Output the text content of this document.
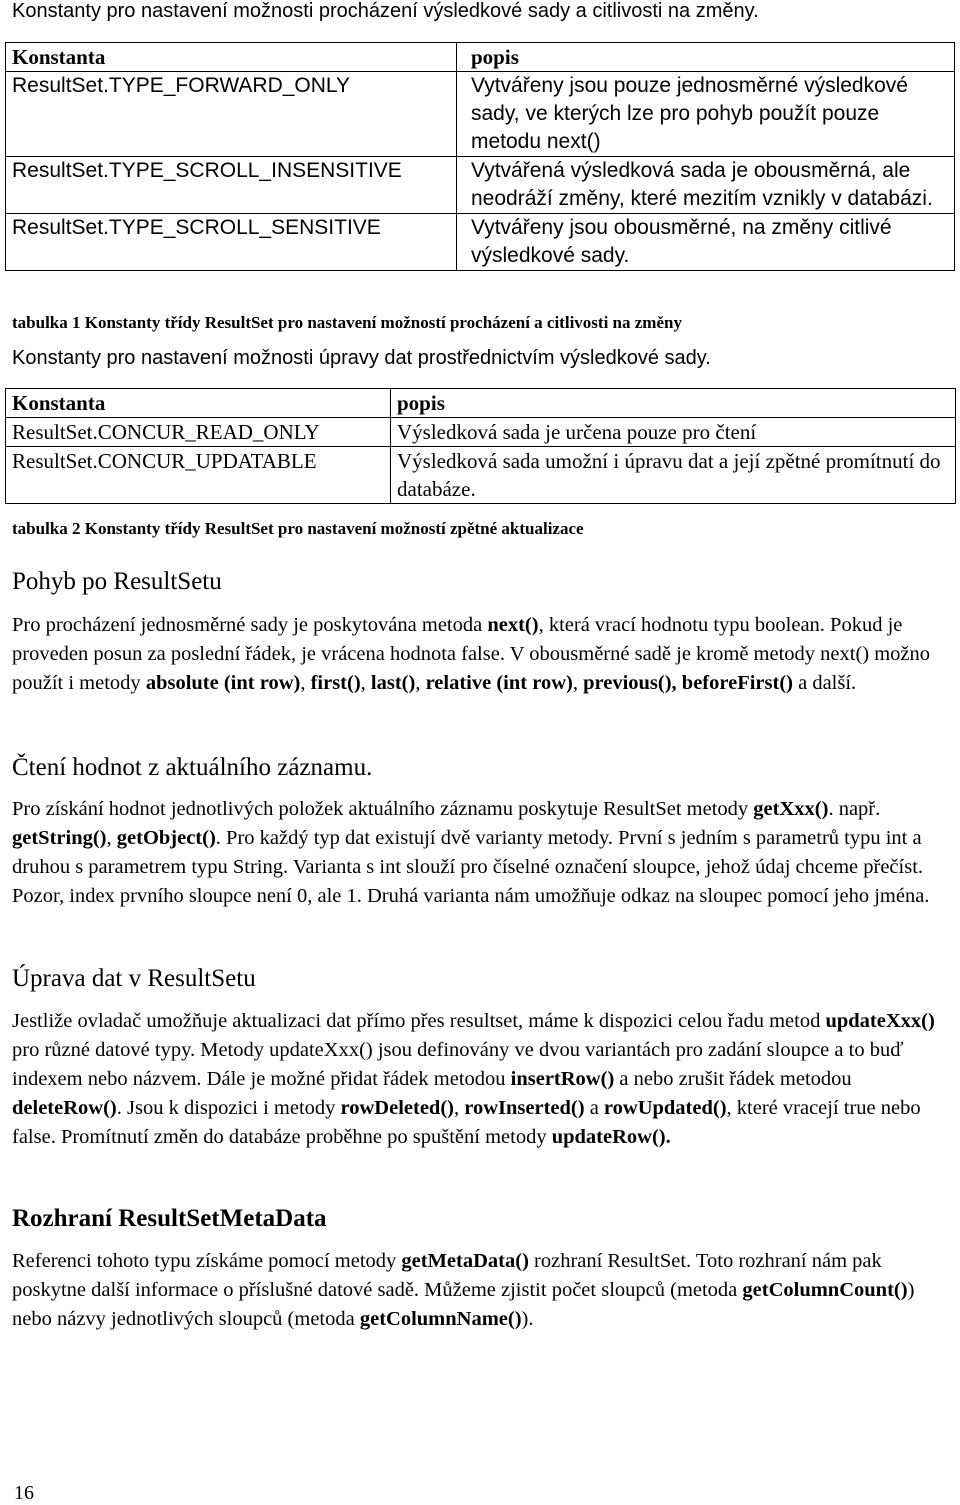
Konstanty pro nastavení možnosti procházení výsledkové sady a citlivosti na změny.

Konstanta	popis
ResultSet.TYPE_FORWARD_ONLY	Vytvářeny jsou pouze jednosměrné výsledkové sady, ve kterých lze pro pohyb použít pouze metodu next()
ResultSet.TYPE_SCROLL_INSENSITIVE	Vytvářená výsledková sada je obousměrná, ale neodráží změny, které mezitím vznikly v databázi.
ResultSet.TYPE_SCROLL_SENSITIVE	Vytvářeny jsou obousměrné, na změny citlivé výsledkové sady.

tabulka 1 Konstanty třídy ResultSet pro nastavení možností procházení a citlivosti na změny

Konstanty pro nastavení možnosti úpravy dat prostřednictvím výsledkové sady.

Konstanta	popis
ResultSet.CONCUR_READ_ONLY	Výsledková sada je určena pouze pro čtení
ResultSet.CONCUR_UPDATABLE	Výsledková sada umožní i úpravu dat a její zpětné promítnutí do databáze.

tabulka 2 Konstanty třídy ResultSet pro nastavení možností zpětné aktualizace

Pohyb po ResultSetu

Pro procházení jednosměrné sady je poskytována metoda next(), která vrací hodnotu typu boolean. Pokud je proveden posun za poslední řádek, je vrácena hodnota false. V obousměrné sadě je kromě metody next() možno použít i metody absolute (int row), first(), last(), relative (int row), previous(), beforeFirst() a další.

Čtení hodnot z aktuálního záznamu.

Pro získání hodnot jednotlivých položek aktuálního záznamu poskytuje ResultSet metody getXxx(). např. getString(), getObject(). Pro každý typ dat existují dvě varianty metody. První s jedním s parametrů typu int a druhou s parametrem typu String. Varianta s int slouží pro číselné označení sloupce, jehož údaj chceme přečíst. Pozor, index prvního sloupce není 0, ale 1. Druhá varianta nám umožňuje odkaz na sloupec pomocí jeho jména.

Úprava dat v ResultSetu

Jestliže ovladač umožňuje aktualizaci dat přímo přes resultset, máme k dispozici celou řadu metod updateXxx() pro různé datové typy. Metody updateXxx() jsou definovány ve dvou variantách pro zadání sloupce a to buď indexem nebo názvem. Dále je možné přidat řádek metodou insertRow() a nebo zrušit řádek metodou deleteRow(). Jsou k dispozici i metody rowDeleted(), rowInserted() a rowUpdated(), které vracejí true nebo false. Promítnutí změn do databáze proběhne po spuštění metody updateRow().

Rozhraní ResultSetMetaData

Referenci tohoto typu získáme pomocí metody getMetaData() rozhraní ResultSet. Toto rozhraní nám pak poskytne další informace o příslušné datové sadě. Můžeme zjistit počet sloupců (metoda getColumnCount()) nebo názvy jednotlivých sloupců (metoda getColumnName()).

16
